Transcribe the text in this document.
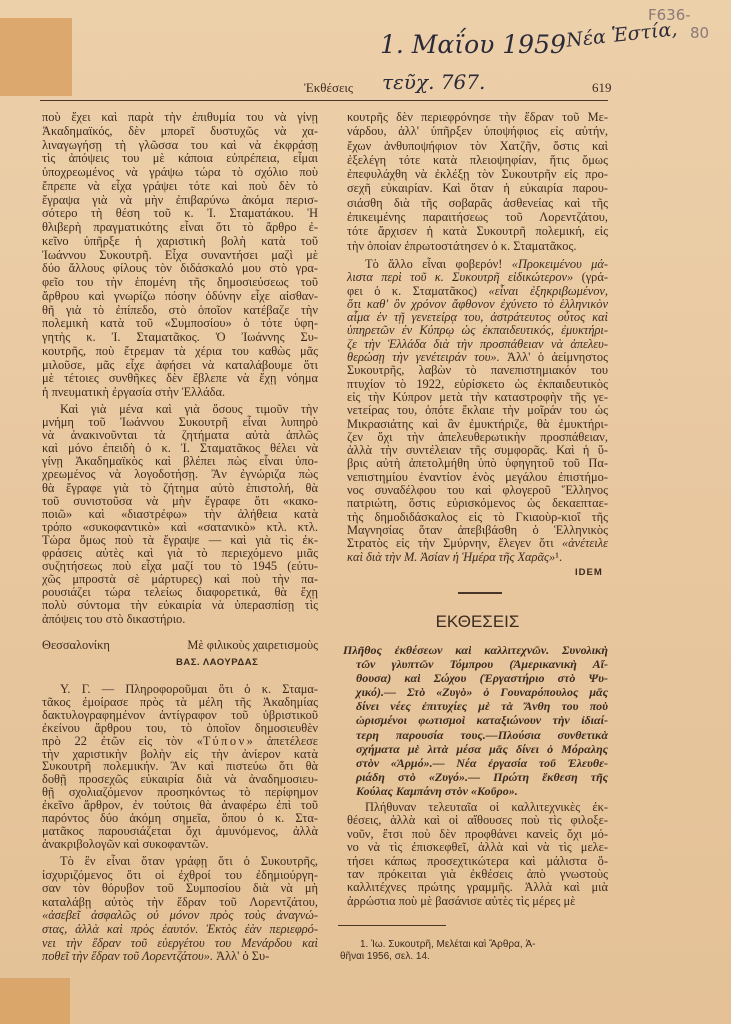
1. Μαΐου 1959 Νέα Ἑστία,
τεῦχ. 767.
F636-
80
Ἐκθέσεις	619
ποὺ ἔχει καὶ παρὰ τὴν ἐπιθυμία του νὰ γίνῃ
Ἀκαδημαϊκός, δὲν μπορεῖ δυστυχῶς νὰ χα-
λιναγωγήσῃ τὴ γλῶσσα του καὶ νὰ ἐκφράσῃ
τὶς ἀπόψεις του μὲ κάποια εὐπρέπεια, εἶμαι
ὑποχρεωμένος νὰ γράψω τώρα τὸ σχόλιο ποὺ
ἔπρεπε νὰ εἶχα γράψει τότε καὶ ποὺ δὲν τὸ
ἔγραψα γιὰ νὰ μὴν ἐπιβαρύνω ἀκόμα περισ-
σότερο τὴ θέση τοῦ κ. Ἰ. Σταματάκου. Ἡ
θλιβερὴ πραγματικότης εἶναι ὅτι τὸ ἄρθρο ἐ-
κεῖνο ὑπῆρξε ἡ χαριστικὴ βολὴ κατὰ τοῦ
Ἰωάννου Συκουτρῆ. Εἶχα συναντήσει μαζὶ μὲ
δύο ἄλλους φίλους τὸν διδάσκαλό μου στὸ γρα-
φεῖο του τὴν ἑπομένη τῆς δημοσιεύσεως τοῦ
ἄρθρου καὶ γνωρίζω πόσην ὀδύνην εἶχε αἰσθαν-
θῆ γιὰ τὸ ἐπίπεδο, στὸ ὁποῖον κατέβαζε τὴν
πολεμικὴ κατὰ τοῦ «Συμποσίου» ὁ τότε ὑφη-
γητὴς κ. Ἰ. Σταματᾶκος. Ὁ Ἰωάννης Συ-
κουτρῆς, ποὺ ἔτρεμαν τὰ χέρια του καθὼς μᾶς
μιλοῦσε, μᾶς εἶχε ἀφήσει νὰ καταλάβουμε ὅτι
μὲ τέτοιες συνθῆκες δὲν ἔβλεπε νὰ ἔχῃ νόημα
ἡ πνευματικὴ ἐργασία στὴν Ἑλλάδα.
Καὶ γιὰ μένα καὶ γιὰ ὅσους τιμοῦν τὴν
μνήμη τοῦ Ἰωάννου Συκουτρῆ εἶναι λυπηρὸ
νὰ ἀνακινοῦνται τὰ ζητήματα αὐτὰ ἁπλῶς
καὶ μόνο ἐπειδὴ ὁ κ. Ἰ. Σταματᾶκος θέλει νὰ
γίνῃ Ἀκαδημαϊκὸς καὶ βλέπει πὼς εἶναι ὑπο-
χρεωμένος νὰ λογοδοτήσῃ. Ἂν ἐγνώριζα πὼς
θὰ ἔγραφε γιὰ τὸ ζήτημα αὐτὸ ἐπιστολή, θὰ
τοῦ συνιστοῦσα νὰ μὴν ἔγραφε ὅτι «κακο-
ποιῶ» καὶ «διαστρέφω» τὴν ἀλήθεια κατὰ
τρόπο «συκοφαντικὸ» καὶ «σατανικὸ» κτλ. κτλ.
Τώρα ὅμως ποὺ τὰ ἔγραψε — καὶ γιὰ τὶς ἐκ-
φράσεις αὐτὲς καὶ γιὰ τὸ περιεχόμενο μιᾶς
συζητήσεως ποὺ εἶχα μαζί του τὸ 1945 (εὐτυ-
χῶς μπροστὰ σὲ μάρτυρες) καὶ ποὺ τὴν πα-
ρουσιάζει τώρα τελείως διαφορετικά, θὰ ἔχῃ
πολὺ σύντομα τὴν εὐκαιρία νὰ ὑπερασπίσῃ τὶς
ἀπόψεις του στὸ δικαστήριο.
Θεσσαλονίκη	Μὲ φιλικοὺς χαιρετισμοὺς
ΒΑΣ. ΛΑΟΥΡΔΑΣ
Υ. Γ. — Πληροφοροῦμαι ὅτι ὁ κ. Σταμα-
τᾶκος ἐμοίρασε πρὸς τὰ μέλη τῆς Ἀκαδημίας
δακτυλογραφημένον ἀντίγραφον τοῦ ὑβριστικοῦ
ἐκείνου ἄρθρου του, τὸ ὁποῖον δημοσιευθὲν
πρὸ 22 ἐτῶν εἰς τὸν «Τύπον» ἀπετέλεσε
τὴν χαριστικὴν βολὴν εἰς τὴν ἀνίερον κατὰ
Συκουτρῆ πολεμικήν. Ἂν καὶ πιστεύω ὅτι θὰ
δοθῇ προσεχῶς εὐκαιρία διὰ νὰ ἀναδημοσιευ-
θῇ σχολιαζόμενον προσηκόντως τὸ περίφημον
ἐκεῖνο ἄρθρον, ἐν τούτοις θὰ ἀναφέρω ἐπὶ τοῦ
παρόντος δύο ἀκόμη σημεῖα, ὅπου ὁ κ. Στα-
ματᾶκος παρουσιάζεται ὄχι ἀμυνόμενος, ἀλλὰ
ἀνακριβολογῶν καὶ συκοφαντῶν.
Τὸ ἓν εἶναι ὅταν γράφῃ ὅτι ὁ Συκουτρῆς,
ἰσχυριζόμενος ὅτι οἱ ἐχθροί του ἐδημιούργη-
σαν τὸν θόρυβον τοῦ Συμποσίου διὰ νὰ μὴ
καταλάβῃ αὐτὸς τὴν ἕδραν τοῦ Λορεντζάτου,
«ἀσεβεῖ ἀσφαλῶς οὐ μόνον πρὸς τοὺς ἀναγνώ-
στας, ἀλλὰ καὶ πρὸς ἑαυτόν. Ἐκτὸς ἐὰν περιεφρό-
νει τὴν ἕδραν τοῦ εὐεργέτου του Μενάρδου καὶ
ποθεῖ τὴν ἕδραν τοῦ Λορεντζάτου». Ἀλλ' ὁ Συ-
κουτρῆς δὲν περιεφρόνησε τὴν ἕδραν τοῦ Με-
νάρδου, ἀλλ' ὑπῆρξεν ὑποψήφιος εἰς αὐτήν,
ἔχων ἀνθυποψήφιον τὸν Χατζῆν, ὅστις καὶ
ἐξελέγη τότε κατὰ πλειοψηφίαν, ἥτις ὅμως
ἐπεφυλάχθη νὰ ἐκλέξῃ τὸν Συκουτρῆν εἰς προ-
σεχῆ εὐκαιρίαν. Καὶ ὅταν ἡ εὐκαιρία παρου-
σιάσθη διὰ τῆς σοβαρᾶς ἀσθενείας καὶ τῆς
ἐπικειμένης παραιτήσεως τοῦ Λορεντζάτου,
τότε ἄρχισεν ἡ κατὰ Συκουτρῆ πολεμική, εἰς
τὴν ὁποίαν ἐπρωτοστάτησεν ὁ κ. Σταματᾶκος.
Τὸ ἄλλο εἶναι φοβερόν! «Προκειμένου μά-
λιστα περὶ τοῦ κ. Συκουτρῆ εἰδικώτερον» (γρά-
φει ὁ κ. Σταματᾶκος) «εἶναι ἐξηκριβωμένον,
ὅτι καθ' ὃν χρόνον ἄφθονον ἐχύνετο τὸ ἑλληνικὸν
αἷμα ἐν τῇ γενετείρᾳ του, ἀστράτευτος οὗτος καὶ
ὑπηρετῶν ἐν Κύπρῳ ὡς ἐκπαιδευτικός, ἐμυκτήρι-
ζε τὴν Ἑλλάδα διὰ τὴν προσπάθειαν νὰ ἀπελευ-
θερώσῃ τὴν γενέτειράν του». Ἀλλ' ὁ ἀείμνηστος
Συκουτρῆς, λαβὼν τὸ πανεπιστημιακόν του
πτυχίον τὸ 1922, εὑρίσκετο ὡς ἐκπαιδευτικὸς
εἰς τὴν Κύπρον μετὰ τὴν καταστροφὴν τῆς γε-
νετείρας του, ὁπότε ἔκλαιε τὴν μοῖράν του ὡς
Μικρασιάτης καὶ ἂν ἐμυκτήριζε, θὰ ἐμυκτήρι-
ζεν ὄχι τὴν ἀπελευθερωτικὴν προσπάθειαν,
ἀλλὰ τὴν συντέλειαν τῆς συμφορᾶς. Καὶ ἡ ὕ-
βρις αὐτὴ ἀπετολμήθη ὑπὸ ὑφηγητοῦ τοῦ Πα-
νεπιστημίου ἐναντίον ἑνὸς μεγάλου ἐπιστήμο-
νος συναδέλφου του καὶ φλογεροῦ Ἕλληνος
πατριώτη, ὅστις εὑρισκόμενος ὡς δεκαεπταε-
τὴς δημοδιδάσκαλος εἰς τὸ Γκιαοὺρ-κιοΐ τῆς
Μαγνησίας ὅταν ἀπεβιβάσθη ὁ Ἑλληνικὸς
Στρατὸς εἰς τὴν Σμύρνην, ἔλεγεν ὅτι «ἀνέτειλε
καὶ διὰ τὴν Μ. Ἀσίαν ἡ Ἡμέρα τῆς Χαρᾶς»¹.
IDEM
ΕΚΘΕΣΕΙΣ
Πλῆθος ἐκθέσεων καὶ καλλιτεχνῶν. Συνολικὴ
τῶν γλυπτῶν Τόμπρου (Ἀμερικανικὴ Αἴ-
θουσα) καὶ Σώχου (Ἐργαστήριο στὸ Ψυ-
χικό).— Στὸ «Ζυγὸ» ὁ Γουναρόπουλος μᾶς
δίνει νέες ἐπιτυχίες μὲ τὰ Ἄνθη του ποὺ
ὡρισμένοι φωτισμοὶ καταξιώνουν τὴν ἰδιαί-
τερη παρουσία τους.—Πλούσια συνθετικὰ
σχήματα μὲ λιτὰ μέσα μᾶς δίνει ὁ Μόραλης
στὸν «Ἁρμό».— Νέα ἐργασία τοῦ Ἐλευθε-
ριάδη στὸ «Ζυγό».— Πρώτη ἔκθεση τῆς
Κούλας Καμπάνη στὸν «Κοῦρο».
Πλήθυναν τελευταῖα οἱ καλλιτεχνικὲς ἐκ-
θέσεις, ἀλλὰ καὶ οἱ αἴθουσες ποὺ τὶς φιλοξε-
νοῦν, ἔτσι ποὺ δὲν προφθάνει κανεὶς ὄχι μό-
νο νὰ τὶς ἐπισκεφθεῖ, ἀλλὰ καὶ νὰ τὶς μελε-
τήσει κάπως προσεχτικώτερα καὶ μάλιστα ὅ-
ταν πρόκειται γιὰ ἐκθέσεις ἀπὸ γνωστοὺς
καλλιτέχνες πρώτης γραμμῆς. Ἀλλὰ καὶ μιὰ
ἀρρώστια ποὺ μὲ βασάνισε αὐτὲς τὶς μέρες μὲ
1. Ἰω. Συκουτρῆ, Μελέται καὶ Ἄρθρα, Ἀ-
θῆναι 1956, σελ. 14.
